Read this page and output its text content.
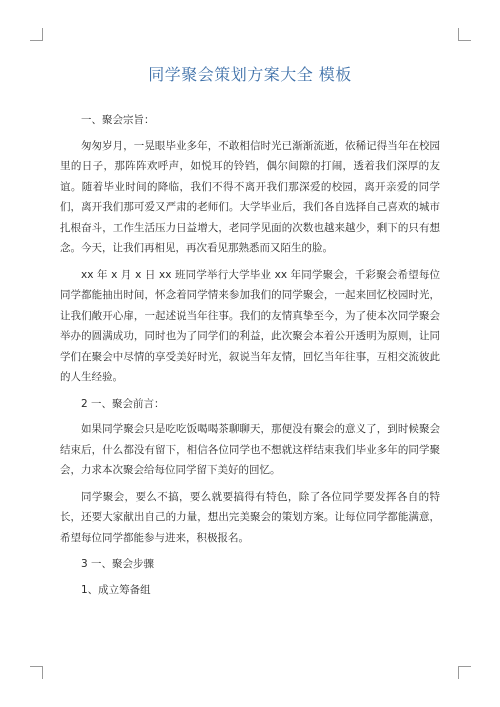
同学聚会策划方案大全 模板
一、聚会宗旨：

匆匆岁月，一晃眼毕业多年，不敢相信时光已渐渐流逝，依稀记得当年在校园里的日子，那阵阵欢呼声，如悦耳的铃铛，偶尔间隙的打闹，透着我们深厚的友谊。随着毕业时间的降临，我们不得不离开我们那深爱的校园，离开亲爱的同学们，离开我们那可爱又严肃的老师们。大学毕业后，我们各自选择自己喜欢的城市扎根奋斗，工作生活压力日益增大，老同学见面的次数也越来越少，剩下的只有想念。今天，让我们再相见，再次看见那熟悉而又陌生的脸。

xx 年 x 月 x 日 xx 班同学举行大学毕业 xx 年同学聚会，千彩聚会希望每位同学都能抽出时间，怀念着同学情来参加我们的同学聚会，一起来回忆校园时光，让我们敞开心扉，一起述说当年往事。我们的友情真挚至今，为了使本次同学聚会举办的圆满成功，同时也为了同学们的利益，此次聚会本着公开透明为原则，让同学们在聚会中尽情的享受美好时光，叙说当年友情，回忆当年往事，互相交流彼此的人生经验。

2 一、聚会前言：

如果同学聚会只是吃吃饭喝喝茶聊聊天，那便没有聚会的意义了，到时候聚会结束后，什么都没有留下，相信各位同学也不想就这样结束我们毕业多年的同学聚会，力求本次聚会给每位同学留下美好的回忆。

同学聚会，要么不搞，要么就要搞得有特色，除了各位同学要发挥各自的特长，还要大家献出自己的力量，想出完美聚会的策划方案。让每位同学都能满意，希望每位同学都能参与进来，积极报名。

3 一、聚会步骤
1、成立筹备组
